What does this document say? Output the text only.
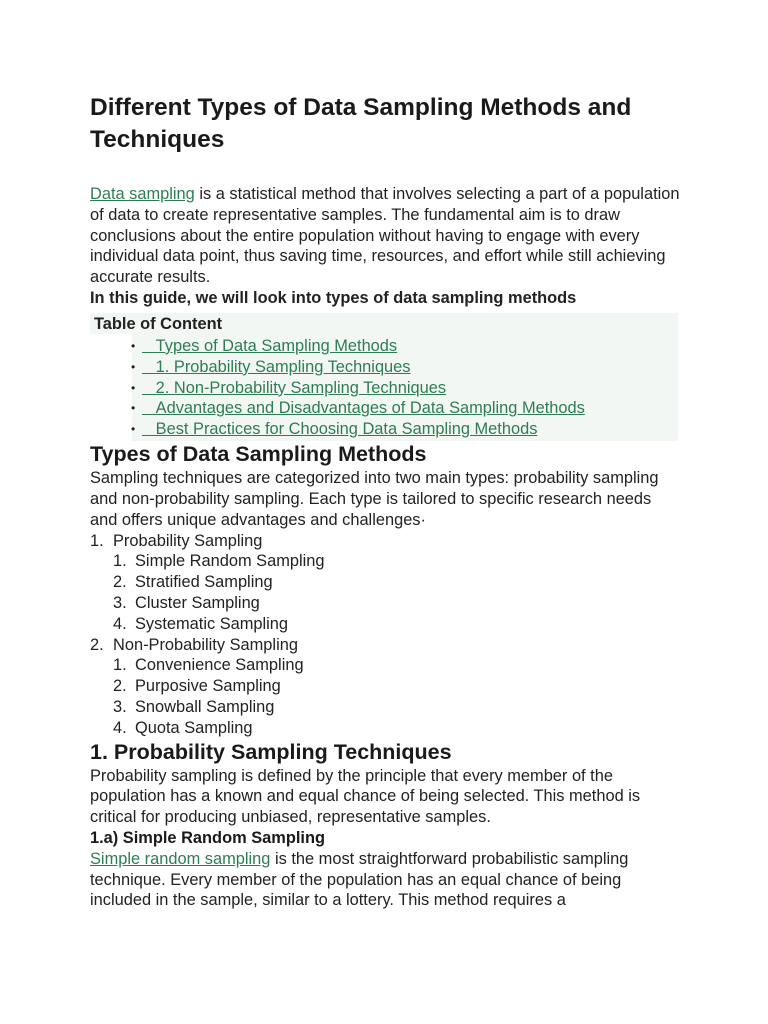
Different Types of Data Sampling Methods and Techniques

Data sampling is a statistical method that involves selecting a part of a population of data to create representative samples. The fundamental aim is to draw conclusions about the entire population without having to engage with every individual data point, thus saving time, resources, and effort while still achieving accurate results.

In this guide, we will look into types of data sampling methods

Table of Content
•    Types of Data Sampling Methods
•    1. Probability Sampling Techniques
•    2. Non-Probability Sampling Techniques
•    Advantages and Disadvantages of Data Sampling Methods
•    Best Practices for Choosing Data Sampling Methods
Types of Data Sampling Methods

Sampling techniques are categorized into two main types: probability sampling and non-probability sampling. Each type is tailored to specific research needs and offers unique advantages and challenges·

1. Probability Sampling
1. Simple Random Sampling
2. Stratified Sampling
3. Cluster Sampling
4. Systematic Sampling
2. Non-Probability Sampling
1. Convenience Sampling
2. Purposive Sampling
3. Snowball Sampling
4. Quota Sampling
1. Probability Sampling Techniques

Probability sampling is defined by the principle that every member of the population has a known and equal chance of being selected. This method is critical for producing unbiased, representative samples.

1.a) Simple Random Sampling

Simple random sampling is the most straightforward probabilistic sampling technique. Every member of the population has an equal chance of being included in the sample, similar to a lottery. This method requires a
